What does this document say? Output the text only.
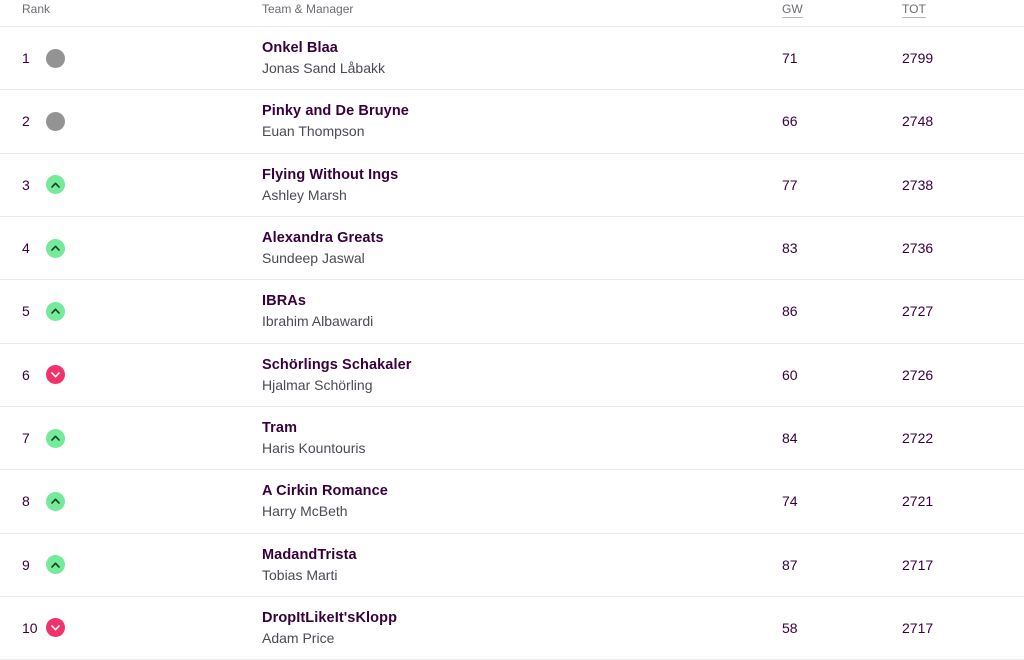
Rank	Team & Manager	GW	TOT

1	Onkel Blaa
Jonas Sand Låbakk	71	2799

2	Pinky and De Bruyne
Euan Thompson	66	2748

3	Flying Without Ings
Ashley Marsh	77	2738

4	Alexandra Greats
Sundeep Jaswal	83	2736

5	IBRAs
Ibrahim Albawardi	86	2727

6	Schörlings Schakaler
Hjalmar Schörling	60	2726

7	Tram
Haris Kountouris	84	2722

8	A Cirkin Romance
Harry McBeth	74	2721

9	MadandTrista
Tobias Marti	87	2717

10	DropItLikeIt'sKlopp
Adam Price	58	2717
